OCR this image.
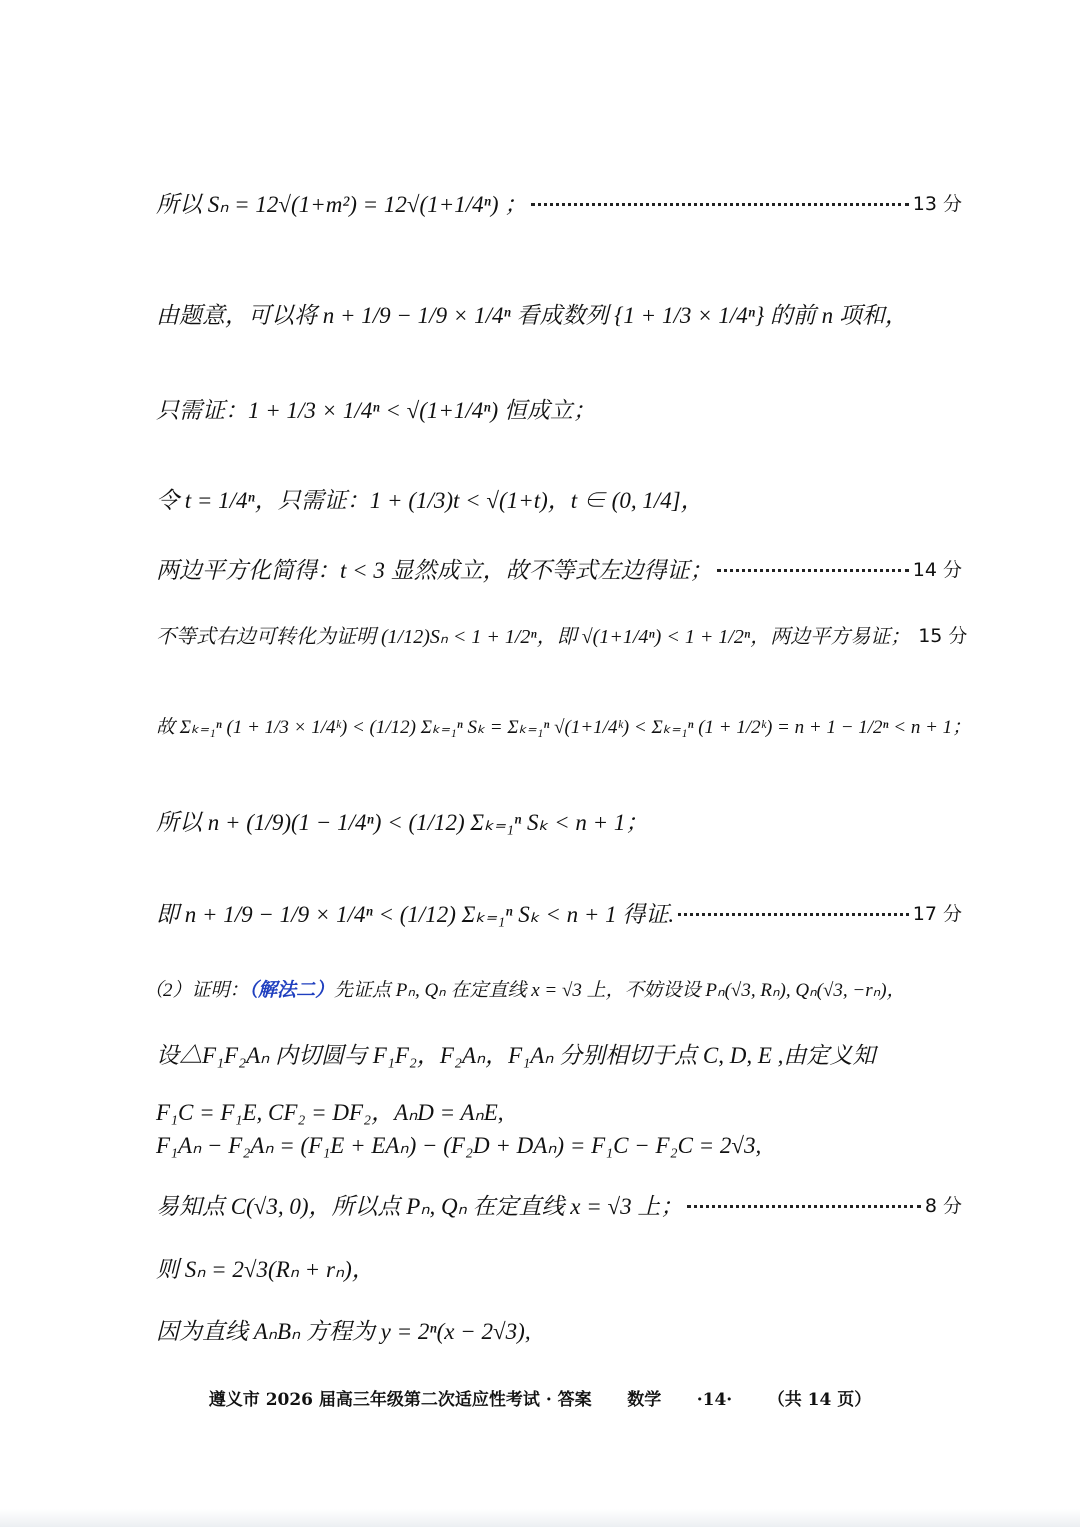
所以 Sₙ = 12√(1+m²) = 12√(1+1/4ⁿ) ；	13 分
由题意，可以将 n + 1/9 − 1/9 × 1/4ⁿ 看成数列 {1 + 1/3 × 1/4ⁿ} 的前 n 项和，
只需证：1 + 1/3 × 1/4ⁿ < √(1+1/4ⁿ) 恒成立；
令 t = 1/4ⁿ，只需证：1 + (1/3)t < √(1+t)，t ∈ (0, 1/4]，
两边平方化简得：t < 3 显然成立，故不等式左边得证；	14 分
不等式右边可转化为证明 (1/12)Sₙ < 1 + 1/2ⁿ，即 √(1+1/4ⁿ) < 1 + 1/2ⁿ，两边平方易证； 15 分
故 Σₖ₌₁ⁿ (1 + 1/3 × 1/4ᵏ) < (1/12) Σₖ₌₁ⁿ Sₖ = Σₖ₌₁ⁿ √(1+1/4ᵏ) < Σₖ₌₁ⁿ (1 + 1/2ᵏ) = n + 1 − 1/2ⁿ < n + 1；
所以 n + (1/9)(1 − 1/4ⁿ) < (1/12) Σₖ₌₁ⁿ Sₖ < n + 1；
即 n + 1/9 − 1/9 × 1/4ⁿ < (1/12) Σₖ₌₁ⁿ Sₖ < n + 1 得证.	17 分
（2）证明：（解法二）先证点 Pₙ, Qₙ 在定直线 x = √3 上，不妨设设 Pₙ(√3, Rₙ), Qₙ(√3, −rₙ)，
设△F₁F₂Aₙ 内切圆与 F₁F₂，F₂Aₙ，F₁Aₙ 分别相切于点 C, D, E ,由定义知
F₁C = F₁E, CF₂ = DF₂，AₙD = AₙE,
F₁Aₙ − F₂Aₙ = (F₁E + EAₙ) − (F₂D + DAₙ) = F₁C − F₂C = 2√3,
易知点 C(√3, 0)，所以点 Pₙ, Qₙ 在定直线 x = √3 上；	8 分
则 Sₙ = 2√3(Rₙ + rₙ)，
因为直线 AₙBₙ 方程为 y = 2ⁿ(x − 2√3),
遵义市 2026 届高三年级第二次适应性考试 · 答案      数学      ·14·      （共 14 页）
